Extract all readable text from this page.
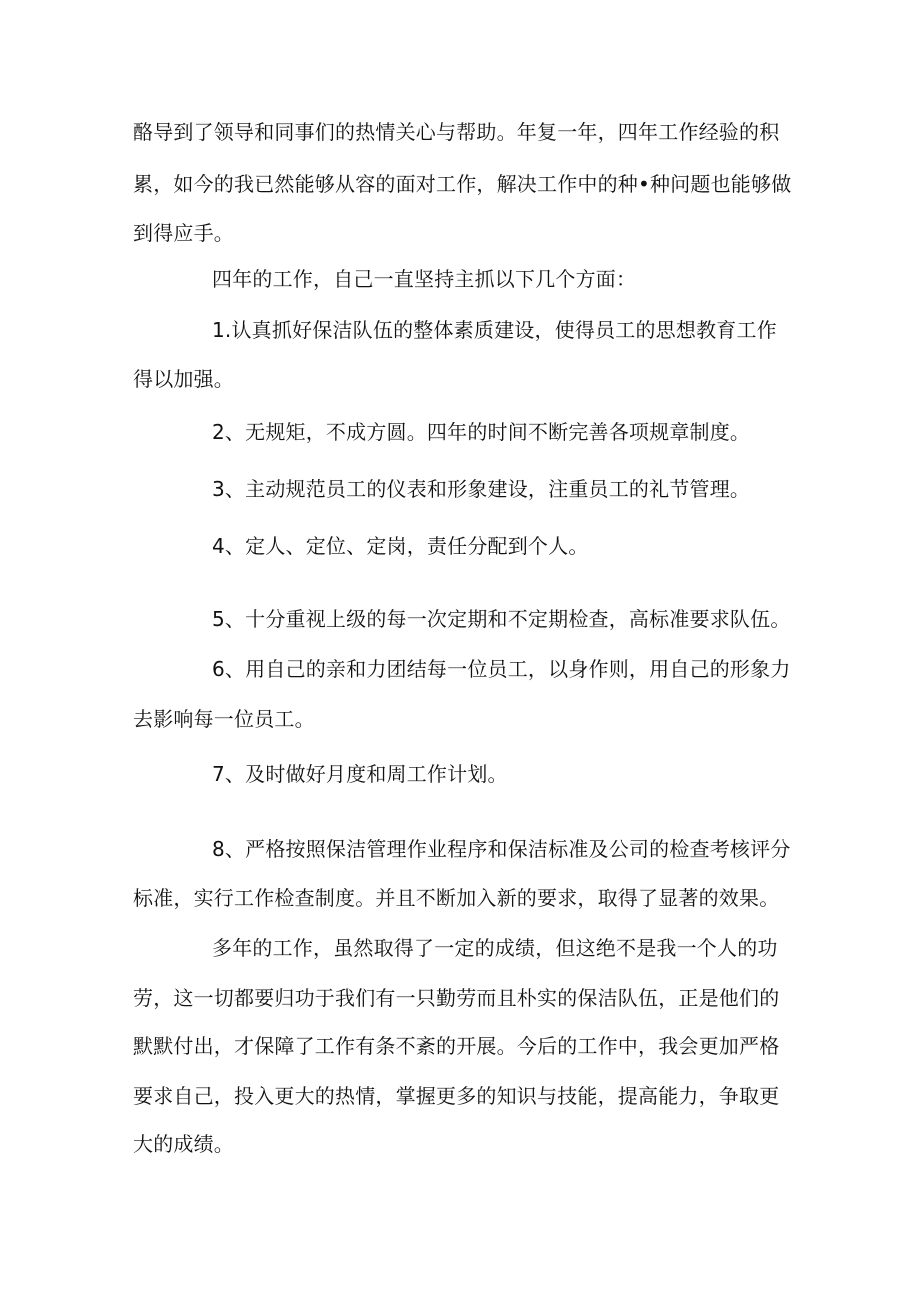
酪导到了领导和同事们的热情关心与帮助。年复一年，四年工作经验的积
累，如今的我已然能够从容的面对工作，解决工作中的种•种问题也能够做
到得应手。
四年的工作，自己一直坚持主抓以下几个方面：
1.认真抓好保洁队伍的整体素质建设，使得员工的思想教育工作
得以加强。
2、无规矩，不成方圆。四年的时间不断完善各项规章制度。
3、主动规范员工的仪表和形象建设，注重员工的礼节管理。
4、定人、定位、定岗，责任分配到个人。
5、十分重视上级的每一次定期和不定期检查，高标准要求队伍。
6、用自己的亲和力团结每一位员工，以身作则，用自己的形象力
去影响每一位员工。
7、及时做好月度和周工作计划。
8、严格按照保洁管理作业程序和保洁标准及公司的检查考核评分
标准，实行工作检查制度。并且不断加入新的要求，取得了显著的效果。
多年的工作，虽然取得了一定的成绩，但这绝不是我一个人的功
劳，这一切都要归功于我们有一只勤劳而且朴实的保洁队伍，正是他们的
默默付出，才保障了工作有条不紊的开展。今后的工作中，我会更加严格
要求自己，投入更大的热情，掌握更多的知识与技能，提高能力，争取更
大的成绩。
